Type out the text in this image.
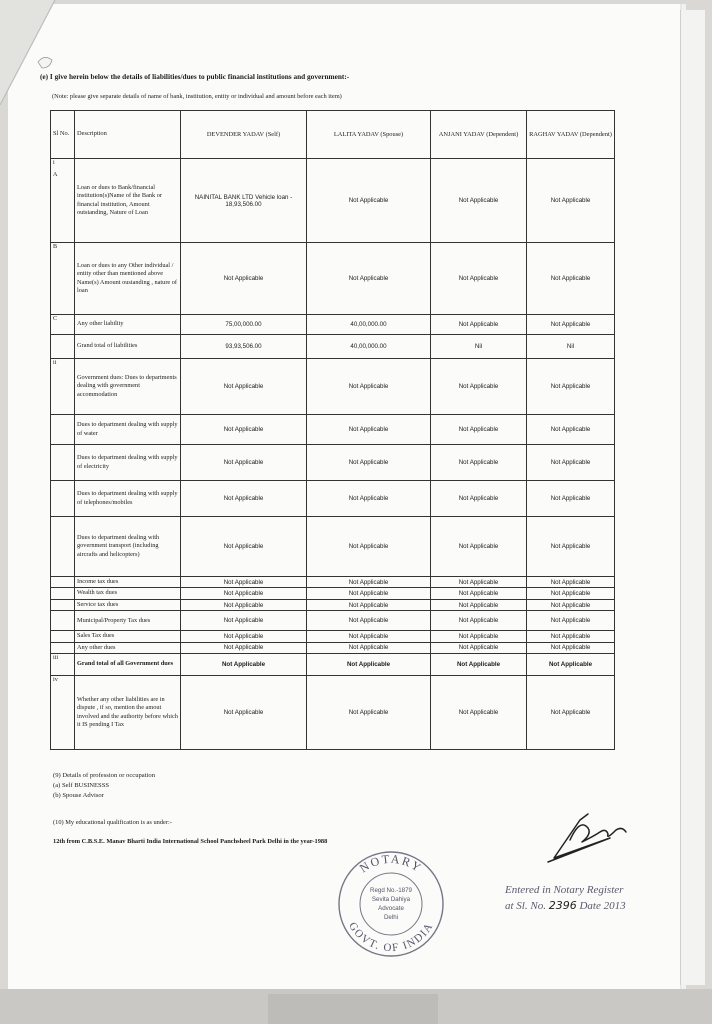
(e) I give herein below the details of liabilities/dues to public financial institutions and government:-
(Note: please give separate details of name of bank, institution, entity or individual and amount before each item)
Sl No.	Description	DEVENDER YADAV (Self)	LALITA YADAV (Spouse)	ANJANI YADAV (Dependent)	RAGHAV YADAV (Dependent)
i

A	Loan or dues to Bank/financial institution(s)Name of the Bank or financial institution, Amount outstanding, Nature of Loan	NAINITAL BANK LTD Vehicle loan - 18,93,506.00	Not Applicable	Not Applicable	Not Applicable
B	Loan or dues to any Other individual / entity other than mentioned above Name(s) Amount oustanding , nature of loan	Not Applicable	Not Applicable	Not Applicable	Not Applicable
C	Any other liability	75,00,000.00	40,00,000.00	Not Applicable	Not Applicable
	Grand total of liabilities	93,93,506.00	40,00,000.00	Nil	Nil
ii	Government dues: Dues to departments dealing with government accommodation	Not Applicable	Not Applicable	Not Applicable	Not Applicable
	Dues to department dealing with supply of water	Not Applicable	Not Applicable	Not Applicable	Not Applicable
	Dues to department dealing with supply of electricity	Not Applicable	Not Applicable	Not Applicable	Not Applicable
	Dues to department dealing with supply of telephones/mobiles	Not Applicable	Not Applicable	Not Applicable	Not Applicable
	Dues to department dealing with government transport (including aircrafts and helicopters)	Not Applicable	Not Applicable	Not Applicable	Not Applicable
	Income tax dues	Not Applicable	Not Applicable	Not Applicable	Not Applicable
	Wealth tax dues	Not Applicable	Not Applicable	Not Applicable	Not Applicable
	Service tax dues	Not Applicable	Not Applicable	Not Applicable	Not Applicable
	Municipal/Property Tax dues	Not Applicable	Not Applicable	Not Applicable	Not Applicable
	Sales Tax dues	Not Applicable	Not Applicable	Not Applicable	Not Applicable
	Any other dues	Not Applicable	Not Applicable	Not Applicable	Not Applicable
iii	Grand total of all Government dues	Not Applicable	Not Applicable	Not Applicable	Not Applicable
iv	Whether any other liabilities are in dispute , if so, mention the amout involved and the authority before which it IS pending I Tax	Not Applicable	Not Applicable	Not Applicable	Not Applicable
(9) Details of profession or occupation
(a) Self BUSINESSS
(b) Spouse Advisor
(10) My educational qualification is as under:-
12th from C.B.S.E. Manav Bharti India International School Panchsheel Park Delhi in the year-1988
NOTARY
GOVT. OF INDIA
Regd No.-1879
Sevita Dahiya
Advocate
Delhi
Entered in Notary Register
at Sl. No. 2396 Date 2013
